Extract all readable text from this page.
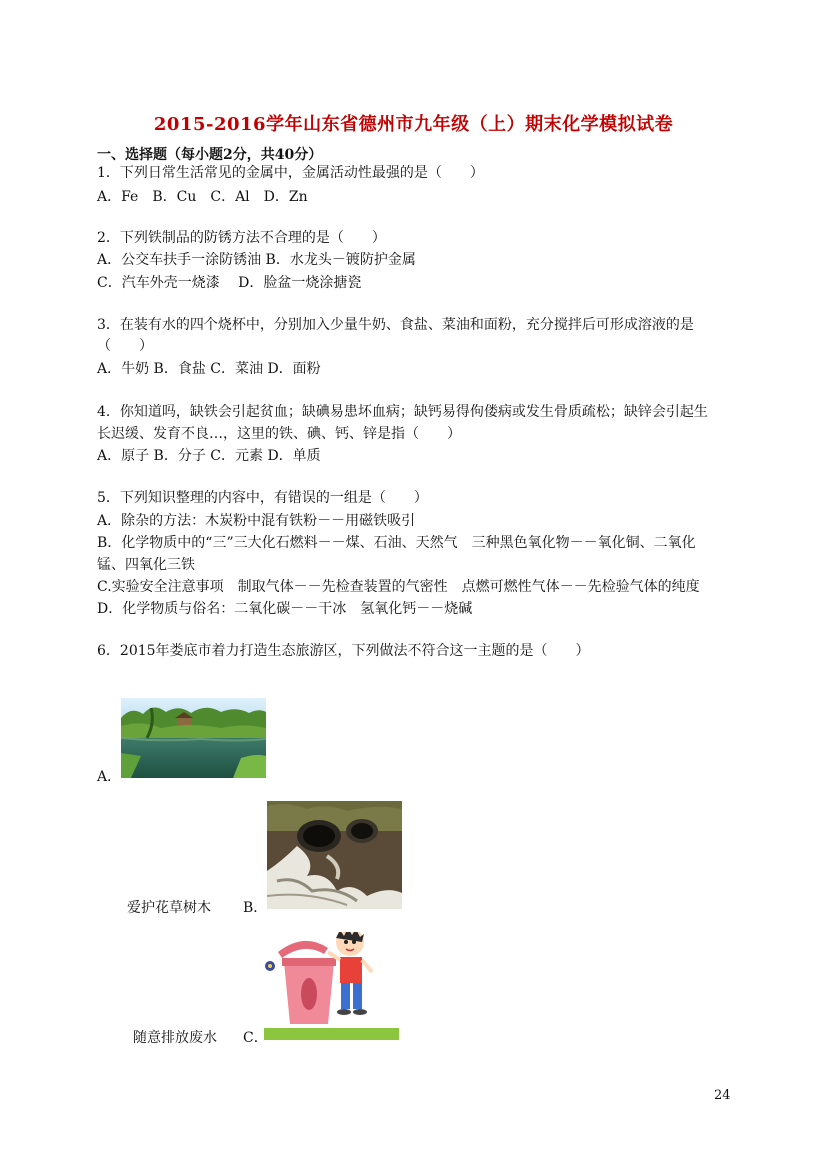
2015-2016学年山东省德州市九年级（上）期末化学模拟试卷
一、选择题（每小题2分，共40分）
1．下列日常生活常见的金属中，金属活动性最强的是（　　）
A．Fe　B．Cu　C．Al　D．Zn
2．下列铁制品的防锈方法不合理的是（　　）
A．公交车扶手一涂防锈油 B．水龙头－镀防护金属
C．汽车外壳一烧漆　 D．脸盆一烧涂搪瓷
3．在装有水的四个烧杯中，分别加入少量牛奶、食盐、菜油和面粉，充分搅拌后可形成溶液的是
（　　）
A．牛奶 B．食盐 C．菜油 D．面粉
4．你知道吗，缺铁会引起贫血；缺碘易患坏血病；缺钙易得佝偻病或发生骨质疏松；缺锌会引起生
长迟缓、发育不良…，这里的铁、碘、钙、锌是指（　　）
A．原子 B．分子 C．元素 D．单质
5．下列知识整理的内容中，有错误的一组是（　　）
A．除杂的方法：木炭粉中混有铁粉－－用磁铁吸引
B．化学物质中的“三”三大化石燃料－－煤、石油、天然气　三种黑色氧化物－－氧化铜、二氧化
锰、四氧化三铁
C.实验安全注意事项　制取气体－－先检查装置的气密性　点燃可燃性气体－－先检验气体的纯度
D．化学物质与俗名：二氧化碳－－干冰　氢氧化钙－－烧碱
6．2015年娄底市着力打造生态旅游区，下列做法不符合这一主题的是（　　）
A．
爱护花草树木 B．
随意排放废水 C．
24
